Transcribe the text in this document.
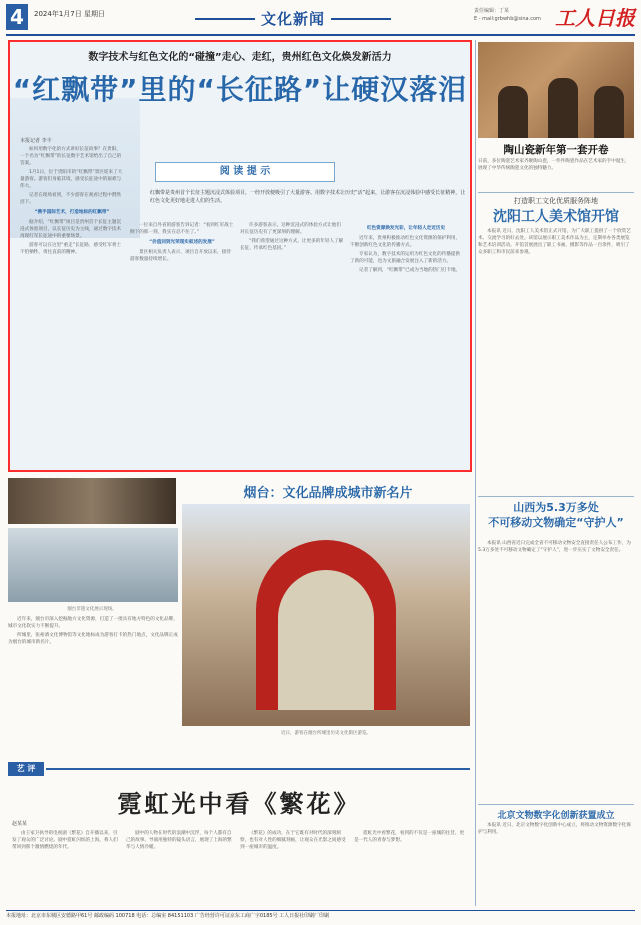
4	2024年1月7日 星期日	文化新闻	责任编辑：丁某
E - mail:grbwhb@sina.com 工人日报
数字技术与红色文化的“碰撞”走心、走红，贵州红色文化焕发新活力
“红飘带”里的“长征路”让硬汉落泪
本报记者 李丰
阅 读 提 示
红飘带是贵州首个长征主题沉浸式体验项目，一经开放便吸引了大量游客。用数字技术让历史“活”起来，让游客在沉浸体验中感受长征精神，让红色文化更好地走进人们的生活。

如何用数字化的方式讲好长征故事？在贵阳，一个名为“红飘带”的长征数字艺术馆给出了自己的答案。

1月1日，位于贵阳市的“红飘带”景区迎来了大量游客。游客们身临其境，感受长征途中的艰难与伟大。

记者在现场看到，不少游客在观看过程中潸然泪下。

“携手国际艺术，打造地标的红飘带”

据介绍，“红飘带”项目是贵州首个长征主题沉浸式体验项目，以长征历史为主线，通过数字技术再现红军长征途中的重要场景。

游客可以在这里“重走”长征路，感受红军将士不怕牺牲、勇往直前的精神。

一位来自外省的游客告诉记者：“看到红军战士倒下的那一刻，我实在忍不住了。”

“价值回到光荣现实叙述的发展”

景区相关负责人表示，项目自开放以来，接待游客数量持续增长。

许多游客表示，这种沉浸式的体验方式让他们对长征历史有了更深刻的理解。

“我们希望通过这种方式，让更多的年轻人了解长征、传承红色基因。”

红色资源焕发光彩，让年轻人走近历史

近年来，贵州积极推动红色文化资源的保护利用，不断创新红色文化的传播方式。

专家认为，数字技术的运用为红色文化的传播提供了新的可能，也为文旅融合发展注入了新的活力。

记者了解到，“红飘带”已成为当地的热门打卡地。

陶山瓷新年第一套开卷
日前，多位陶瓷艺术家齐聚陶山瓷，一件件陶瓷作品在艺术家的手中诞生，展现了中华传统陶瓷文化的独特魅力。
打造职工文化优质服务阵地
沈阳工人美术馆开馆

本报讯 近日，沈阳工人美术馆正式开馆，为广大职工提供了一个欣赏艺术、交流学习的好去处。该馆以展示职工美术作品为主，定期举办各类展览和艺术培训活动。开馆首展展出了职工书画、摄影等作品一百余件，吸引了众多职工和市民前来参观。

山西为5.3万多处
不可移动文物确定“守护人”

本报讯 山西省近日完成全省不可移动文物安全直接责任人公布工作，为5.3万多处不可移动文物确定了“守护人”，进一步压实了文物安全责任。

北京文物数字化创新获置成立

本报讯 近日，北京文物数字化创新中心成立，将推动文物资源数字化保护与利用。

烟台：文化品牌成城市新名片
烟台非遗文化展示现场。
近日，游客在烟台所城里历史文化街区游览。

近年来，烟台市深入挖掘地方文化资源，打造了一批具有地方特色的文化品牌，城市文化软实力不断提升。

所城里、张裕酒文化博物馆等文化地标成为游客打卡的热门地点，文化品牌正成为烟台的城市新名片。

艺 评
霓虹光中看《繁花》
赵某某

由王家卫执导的电视剧《繁花》自开播以来，引发了观众的广泛讨论。剧中霓虹闪烁的上海，将人们带回到那个激情燃烧的年代。

剧中的人物在时代的浪潮中沉浮，每个人都有自己的故事。导演用独特的镜头语言，展现了上海的繁华与人情冷暖。

《繁花》的成功，在于它既有对时代的深刻洞察，也有对人性的细腻刻画，让观众在光影之间感受到一座城市的温度。

霓虹光中看繁花，看到的不仅是一座城的往昔，更是一代人的青春与梦想。

本报地址：北京市东城区安德路甲61号 邮政编码 100718 电话：总编室 84151103 广告经营许可证京东工商广字0185号 工人日报社印刷厂印刷
